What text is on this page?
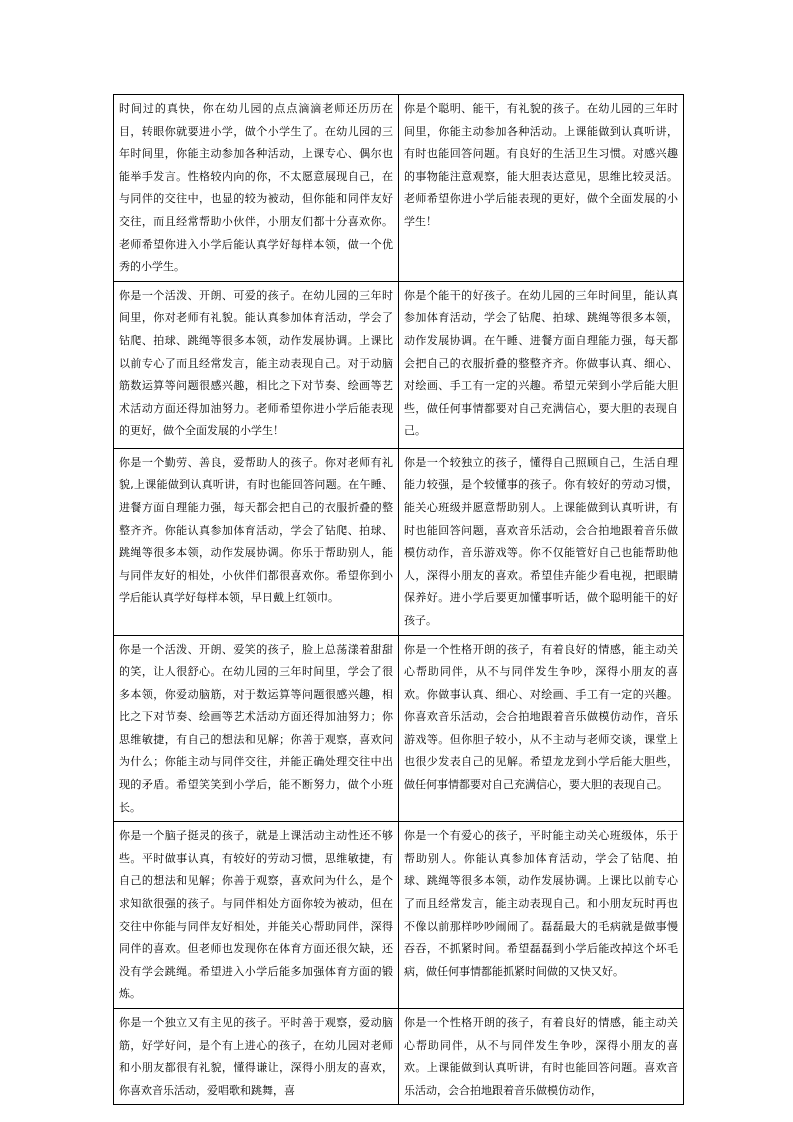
时间过的真快，你在幼儿园的点点滴滴老师还历历在目，转眼你就要进小学，做个小学生了。在幼儿园的三年时间里，你能主动参加各种活动，上课专心、偶尔也能举手发言。性格较内向的你，不太愿意展现自己，在与同伴的交往中，也显的较为被动，但你能和同伴友好交往，而且经常帮助小伙伴，小朋友们都十分喜欢你。老师希望你进入小学后能认真学好每样本领，做一个优秀的小学生。	你是个聪明、能干，有礼貌的孩子。在幼儿园的三年时间里，你能主动参加各种活动。上课能做到认真听讲，有时也能回答问题。有良好的生活卫生习惯。对感兴趣的事物能注意观察，能大胆表达意见，思维比较灵活。老师希望你进小学后能表现的更好，做个全面发展的小学生！
你是一个活泼、开朗、可爱的孩子。在幼儿园的三年时间里，你对老师有礼貌。能认真参加体育活动，学会了钻爬、拍球、跳绳等很多本领，动作发展协调。上课比以前专心了而且经常发言，能主动表现自己。对于动脑筋数运算等问题很感兴趣，相比之下对节奏、绘画等艺术活动方面还得加油努力。老师希望你进小学后能表现的更好，做个全面发展的小学生！	你是个能干的好孩子。在幼儿园的三年时间里，能认真参加体育活动，学会了钻爬、拍球、跳绳等很多本领，动作发展协调。在午睡、进餐方面自理能力强，每天都会把自己的衣服折叠的整整齐齐。你做事认真、细心、对绘画、手工有一定的兴趣。希望元荣到小学后能大胆些，做任何事情都要对自己充满信心，要大胆的表现自己。
你是一个勤劳、善良，爱帮助人的孩子。你对老师有礼貌,上课能做到认真听讲，有时也能回答问题。在午睡、进餐方面自理能力强，每天都会把自己的衣服折叠的整整齐齐。你能认真参加体育活动，学会了钻爬、拍球、跳绳等很多本领，动作发展协调。你乐于帮助别人，能与同伴友好的相处，小伙伴们都很喜欢你。希望你到小学后能认真学好每样本领，早日戴上红领巾。	你是一个较独立的孩子，懂得自己照顾自己，生活自理能力较强，是个较懂事的孩子。你有较好的劳动习惯，能关心班级并愿意帮助别人。上课能做到认真听讲，有时也能回答问题，喜欢音乐活动，会合拍地跟着音乐做模仿动作，音乐游戏等。你不仅能管好自己也能帮助他人，深得小朋友的喜欢。希望佳卉能少看电视，把眼睛保养好。进小学后要更加懂事听话，做个聪明能干的好孩子。
你是一个活泼、开朗、爱笑的孩子，脸上总荡漾着甜甜的笑，让人很舒心。在幼儿园的三年时间里，学会了很多本领，你爱动脑筋，对于数运算等问题很感兴趣，相比之下对节奏、绘画等艺术活动方面还得加油努力；你思维敏捷，有自己的想法和见解；你善于观察，喜欢问为什么；你能主动与同伴交往，并能正确处理交往中出现的矛盾。希望笑笑到小学后，能不断努力，做个小班长。	你是一个性格开朗的孩子，有着良好的情感，能主动关心帮助同伴，从不与同伴发生争吵，深得小朋友的喜欢。你做事认真、细心、对绘画、手工有一定的兴趣。你喜欢音乐活动，会合拍地跟着音乐做模仿动作，音乐游戏等。但你胆子较小，从不主动与老师交谈，课堂上也很少发表自己的见解。希望龙龙到小学后能大胆些，做任何事情都要对自己充满信心，要大胆的表现自己。
你是一个脑子挺灵的孩子，就是上课活动主动性还不够些。平时做事认真，有较好的劳动习惯，思维敏捷，有自己的想法和见解；你善于观察，喜欢问为什么，是个求知欲很强的孩子。与同伴相处方面你较为被动，但在交往中你能与同伴友好相处，并能关心帮助同伴，深得同伴的喜欢。但老师也发现你在体育方面还很欠缺，还没有学会跳绳。希望进入小学后能多加强体育方面的锻炼。	你是一个有爱心的孩子，平时能主动关心班级体，乐于帮助别人。你能认真参加体育活动，学会了钻爬、拍球、跳绳等很多本领，动作发展协调。上课比以前专心了而且经常发言，能主动表现自己。和小朋友玩时再也不像以前那样吵吵闹闹了。磊磊最大的毛病就是做事慢吞吞，不抓紧时间。希望磊磊到小学后能改掉这个坏毛病，做任何事情都能抓紧时间做的又快又好。
你是一个独立又有主见的孩子。平时善于观察，爱动脑筋，好学好问，是个有上进心的孩子，在幼儿园对老师和小朋友都很有礼貌，懂得谦让，深得小朋友的喜欢，你喜欢音乐活动，爱唱歌和跳舞，喜	你是一个性格开朗的孩子，有着良好的情感，能主动关心帮助同伴，从不与同伴发生争吵，深得小朋友的喜欢。上课能做到认真听讲，有时也能回答问题。喜欢音乐活动，会合拍地跟着音乐做模仿动作，
